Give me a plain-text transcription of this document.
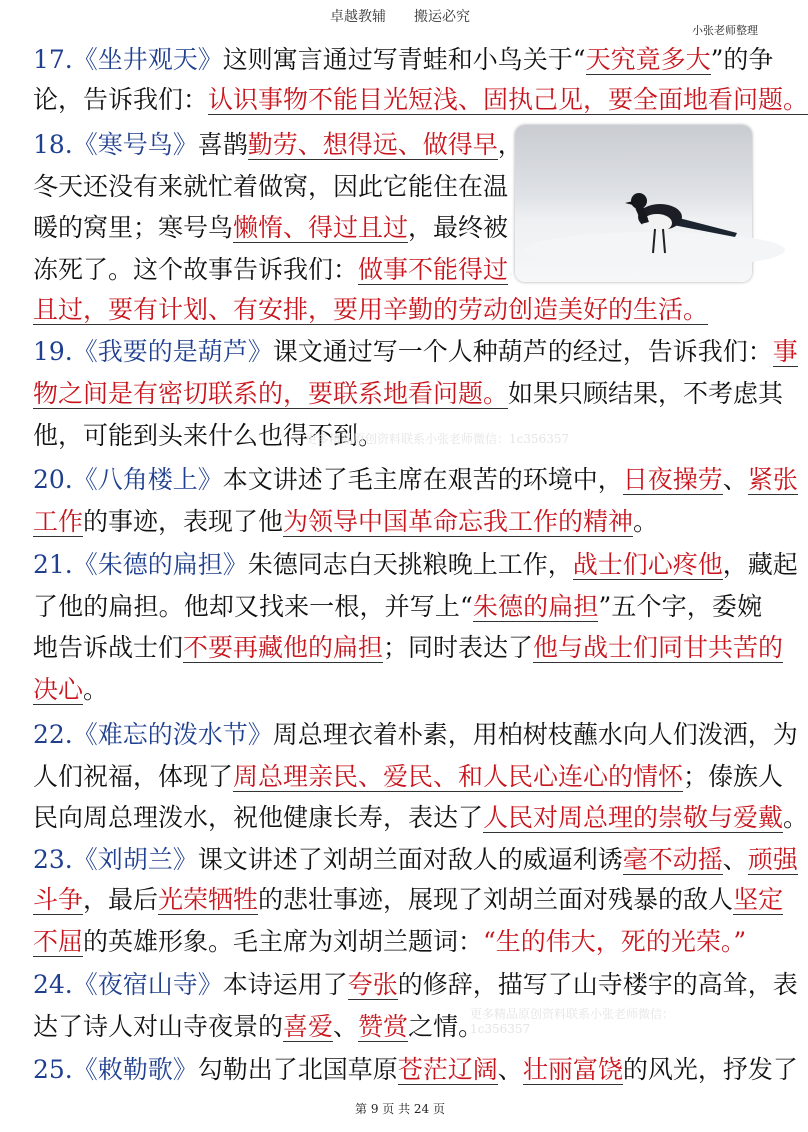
卓越教辅 搬运必究
小张老师整理
17.《坐井观天》这则寓言通过写青蛙和小鸟关于“天究竟多大”的争
论，告诉我们：认识事物不能目光短浅、固执己见，要全面地看问题。
18.《寒号鸟》喜鹊勤劳、想得远、做得早，
冬天还没有来就忙着做窝，因此它能住在温
暖的窝里；寒号鸟懒惰、得过且过，最终被
冻死了。这个故事告诉我们：做事不能得过
且过，要有计划、有安排，要用辛勤的劳动创造美好的生活。
19.《我要的是葫芦》课文通过写一个人种葫芦的经过，告诉我们：事
物之间是有密切联系的，要联系地看问题。如果只顾结果，不考虑其
他，可能到头来什么也得不到。
20.《八角楼上》本文讲述了毛主席在艰苦的环境中，日夜操劳、紧张
工作的事迹，表现了他为领导中国革命忘我工作的精神。
21.《朱德的扁担》朱德同志白天挑粮晚上工作，战士们心疼他，藏起
了他的扁担。他却又找来一根，并写上“朱德的扁担”五个字，委婉
地告诉战士们不要再藏他的扁担；同时表达了他与战士们同甘共苦的
决心。
22.《难忘的泼水节》周总理衣着朴素，用柏树枝蘸水向人们泼洒，为
人们祝福，体现了周总理亲民、爱民、和人民心连心的情怀；傣族人
民向周总理泼水，祝他健康长寿，表达了人民对周总理的崇敬与爱戴。
23.《刘胡兰》课文讲述了刘胡兰面对敌人的威逼利诱毫不动摇、顽强
斗争，最后光荣牺牲的悲壮事迹，展现了刘胡兰面对残暴的敌人坚定
不屈的英雄形象。毛主席为刘胡兰题词：“生的伟大，死的光荣。”
24.《夜宿山寺》本诗运用了夸张的修辞，描写了山寺楼宇的高耸，表
达了诗人对山寺夜景的喜爱、赞赏之情。
25.《敕勒歌》勾勒出了北国草原苍茫辽阔、壮丽富饶的风光，抒发了
更多精品原创资料联系小张老师微信：1c356357
更多精品原创资料联系小张老师微信：
1c356357
第 9 页 共 24 页
